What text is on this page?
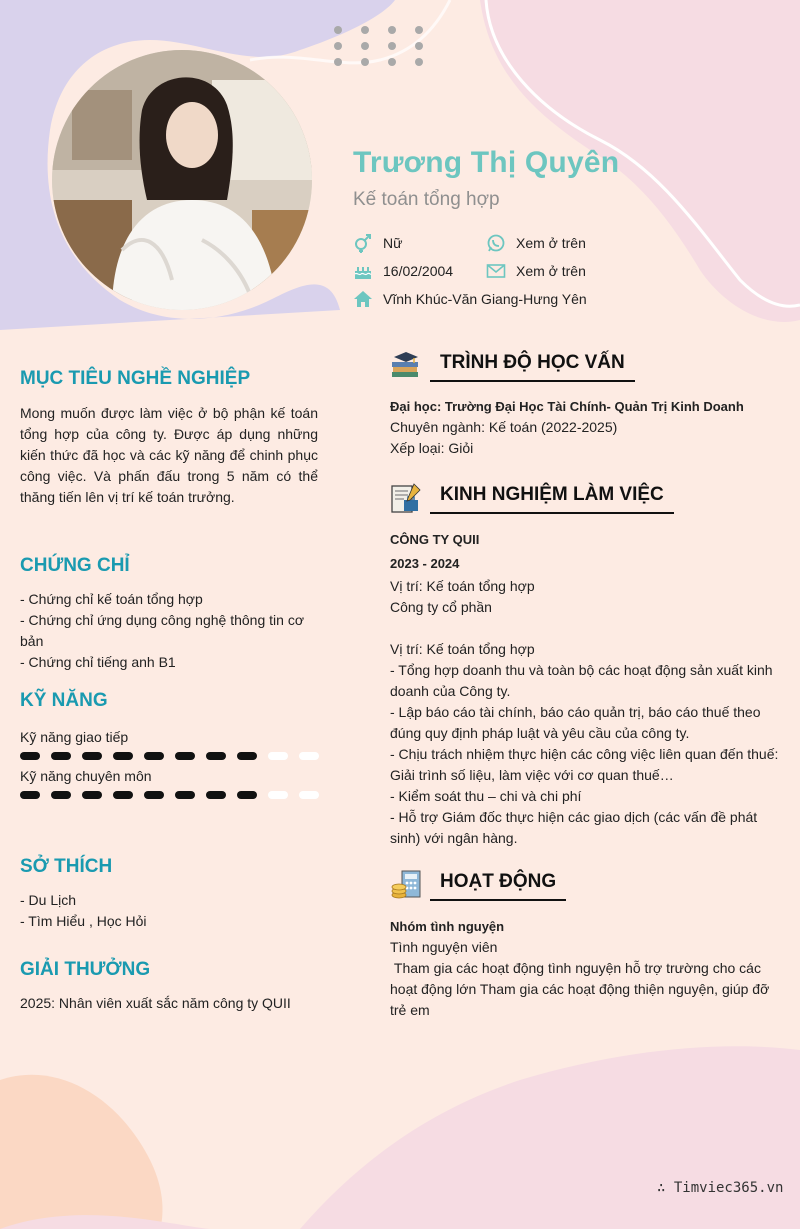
Trương Thị Quyên
Kế toán tổng hợp
Nữ
16/02/2004
Vĩnh Khúc-Văn Giang-Hưng Yên
Xem ở trên
Xem ở trên
MỤC TIÊU NGHỀ NGHIỆP
Mong muốn được làm việc ở bộ phận kế toán tổng hợp của công ty. Được áp dụng những kiến thức đã học và các kỹ năng để chinh phục công việc. Và phấn đấu trong 5 năm có thể thăng tiến lên vị trí kế toán trưởng.
CHỨNG CHỈ
- Chứng chỉ kế toán tổng hợp
- Chứng chỉ ứng dụng công nghệ thông tin cơ bản
- Chứng chỉ tiếng anh B1
KỸ NĂNG
Kỹ năng giao tiếp
Kỹ năng chuyên môn
SỞ THÍCH
- Du Lịch
- Tìm Hiểu , Học Hỏi
GIẢI THƯỞNG
2025: Nhân viên xuất sắc năm công ty QUII
TRÌNH ĐỘ HỌC VẤN
Đại học: Trường Đại Học Tài Chính- Quản Trị Kinh Doanh
Chuyên ngành: Kế toán (2022-2025)
Xếp loại: Giỏi
KINH NGHIỆM LÀM VIỆC
CÔNG TY QUII
2023 - 2024
Vị trí: Kế toán tổng hợp
Công ty cổ phần
Vị trí: Kế toán tổng hợp
- Tổng hợp doanh thu và toàn bộ các hoạt động sản xuất kinh doanh của Công ty.
- Lập báo cáo tài chính, báo cáo quản trị, báo cáo thuế theo đúng quy định pháp luật và yêu cầu của công ty.
- Chịu trách nhiệm thực hiện các công việc liên quan đến thuế: Giải trình số liệu, làm việc với cơ quan thuế…
- Kiểm soát thu – chi và chi phí
- Hỗ trợ Giám đốc thực hiện các giao dịch (các vấn đề phát sinh) với ngân hàng.
HOẠT ĐỘNG
Nhóm tình nguyện
Tình nguyện viên
Tham gia các hoạt động tình nguyện hỗ trợ trường cho các hoạt động lớn Tham gia các hoạt động thiện nguyện, giúp đỡ trẻ em
∴ Timviec365.vn
